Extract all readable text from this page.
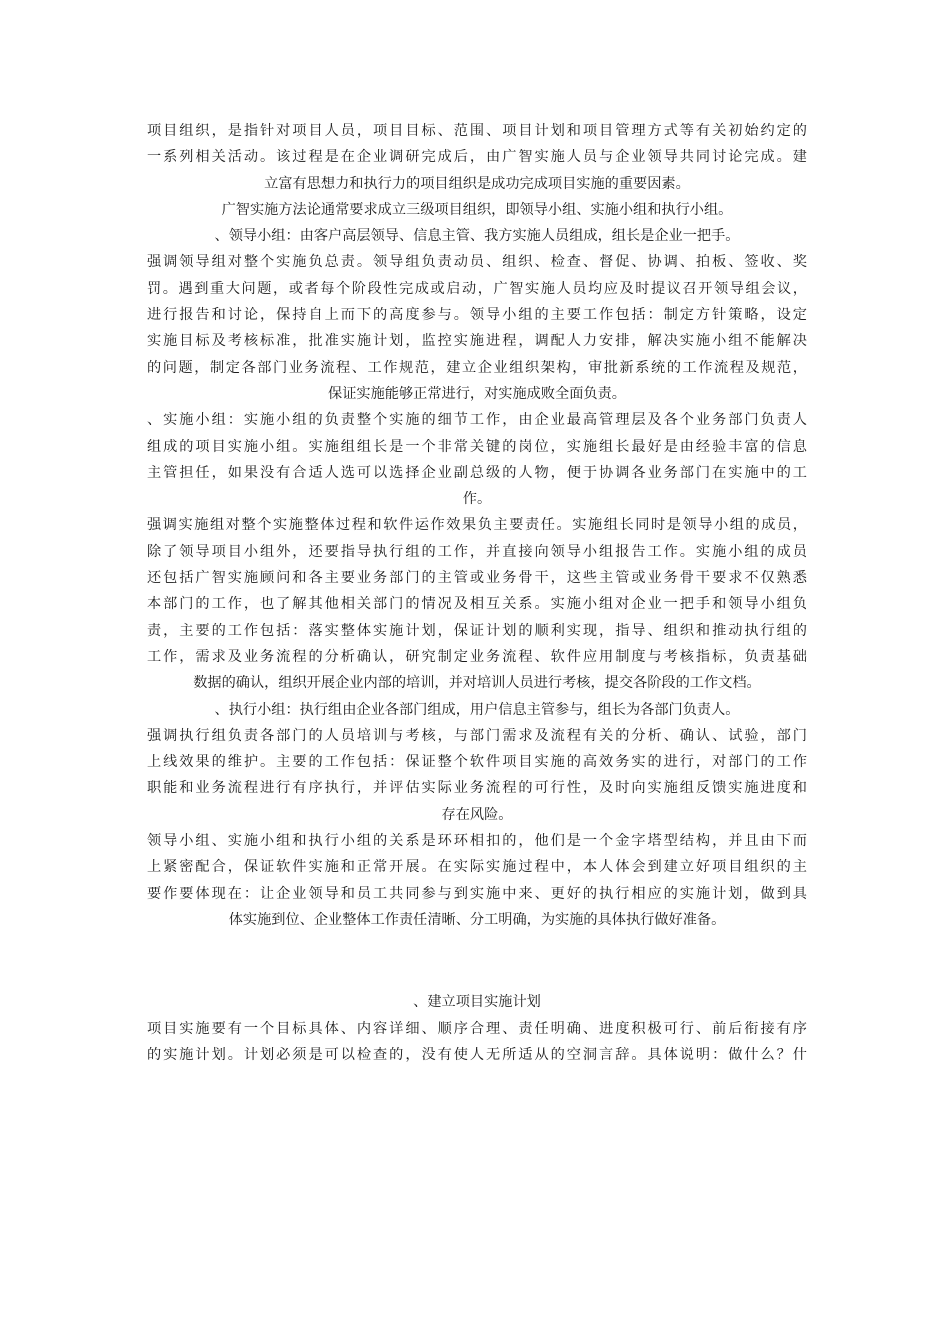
项目组织，是指针对项目人员，项目目标、范围、项目计划和项目管理方式等有关初始约定的
一系列相关活动。该过程是在企业调研完成后，由广智实施人员与企业领导共同讨论完成。建
立富有思想力和执行力的项目组织是成功完成项目实施的重要因素。
广智实施方法论通常要求成立三级项目组织，即领导小组、实施小组和执行小组。
、领导小组：由客户高层领导、信息主管、我方实施人员组成，组长是企业一把手。
强调领导组对整个实施负总责。领导组负责动员、组织、检查、督促、协调、拍板、签收、奖
罚。遇到重大问题，或者每个阶段性完成或启动，广智实施人员均应及时提议召开领导组会议，
进行报告和讨论，保持自上而下的高度参与。领导小组的主要工作包括：制定方针策略，设定
实施目标及考核标准，批准实施计划，监控实施进程，调配人力安排，解决实施小组不能解决
的问题，制定各部门业务流程、工作规范，建立企业组织架构，审批新系统的工作流程及规范，
保证实施能够正常进行，对实施成败全面负责。
、实施小组：实施小组的负责整个实施的细节工作，由企业最高管理层及各个业务部门负责人
组成的项目实施小组。实施组组长是一个非常关键的岗位，实施组长最好是由经验丰富的信息
主管担任，如果没有合适人选可以选择企业副总级的人物，便于协调各业务部门在实施中的工
作。
强调实施组对整个实施整体过程和软件运作效果负主要责任。实施组长同时是领导小组的成员，
除了领导项目小组外，还要指导执行组的工作，并直接向领导小组报告工作。实施小组的成员
还包括广智实施顾问和各主要业务部门的主管或业务骨干，这些主管或业务骨干要求不仅熟悉
本部门的工作，也了解其他相关部门的情况及相互关系。实施小组对企业一把手和领导小组负
责，主要的工作包括：落实整体实施计划，保证计划的顺利实现，指导、组织和推动执行组的
工作，需求及业务流程的分析确认，研究制定业务流程、软件应用制度与考核指标，负责基础
数据的确认，组织开展企业内部的培训，并对培训人员进行考核，提交各阶段的工作文档。
、执行小组：执行组由企业各部门组成，用户信息主管参与，组长为各部门负责人。
强调执行组负责各部门的人员培训与考核，与部门需求及流程有关的分析、确认、试验，部门
上线效果的维护。主要的工作包括：保证整个软件项目实施的高效务实的进行，对部门的工作
职能和业务流程进行有序执行，并评估实际业务流程的可行性，及时向实施组反馈实施进度和
存在风险。
领导小组、实施小组和执行小组的关系是环环相扣的，他们是一个金字塔型结构，并且由下而
上紧密配合，保证软件实施和正常开展。在实际实施过程中，本人体会到建立好项目组织的主
要作要体现在：让企业领导和员工共同参与到实施中来、更好的执行相应的实施计划，做到具
体实施到位、企业整体工作责任清晰、分工明确，为实施的具体执行做好准备。
、建立项目实施计划
项目实施要有一个目标具体、内容详细、顺序合理、责任明确、进度积极可行、前后衔接有序
的实施计划。计划必须是可以检查的，没有使人无所适从的空洞言辞。具体说明：做什么？什
